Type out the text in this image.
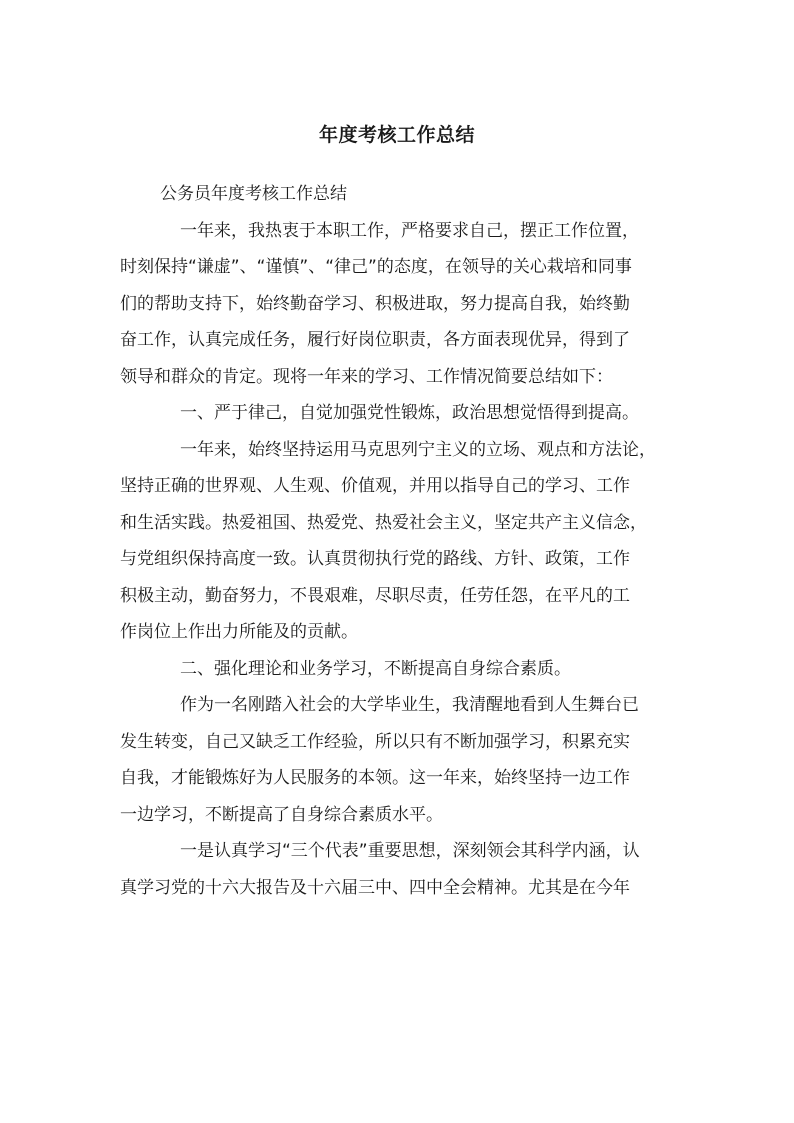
年度考核工作总结

公务员年度考核工作总结

一年来，我热衷于本职工作，严格要求自己，摆正工作位置，

时刻保持“谦虚”、“谨慎”、“律己”的态度，在领导的关心栽培和同事

们的帮助支持下，始终勤奋学习、积极进取，努力提高自我，始终勤

奋工作，认真完成任务，履行好岗位职责，各方面表现优异，得到了

领导和群众的肯定。现将一年来的学习、工作情况简要总结如下：

一、严于律己，自觉加强党性锻炼，政治思想觉悟得到提高。

一年来，始终坚持运用马克思列宁主义的立场、观点和方法论，

坚持正确的世界观、人生观、价值观，并用以指导自己的学习、工作

和生活实践。热爱祖国、热爱党、热爱社会主义，坚定共产主义信念，

与党组织保持高度一致。认真贯彻执行党的路线、方针、政策，工作

积极主动，勤奋努力，不畏艰难，尽职尽责，任劳任怨，在平凡的工

作岗位上作出力所能及的贡献。

二、强化理论和业务学习，不断提高自身综合素质。

作为一名刚踏入社会的大学毕业生，我清醒地看到人生舞台已

发生转变，自己又缺乏工作经验，所以只有不断加强学习，积累充实

自我，才能锻炼好为人民服务的本领。这一年来，始终坚持一边工作

一边学习，不断提高了自身综合素质水平。

一是认真学习“三个代表”重要思想，深刻领会其科学内涵，认

真学习党的十六大报告及十六届三中、四中全会精神。尤其是在今年
